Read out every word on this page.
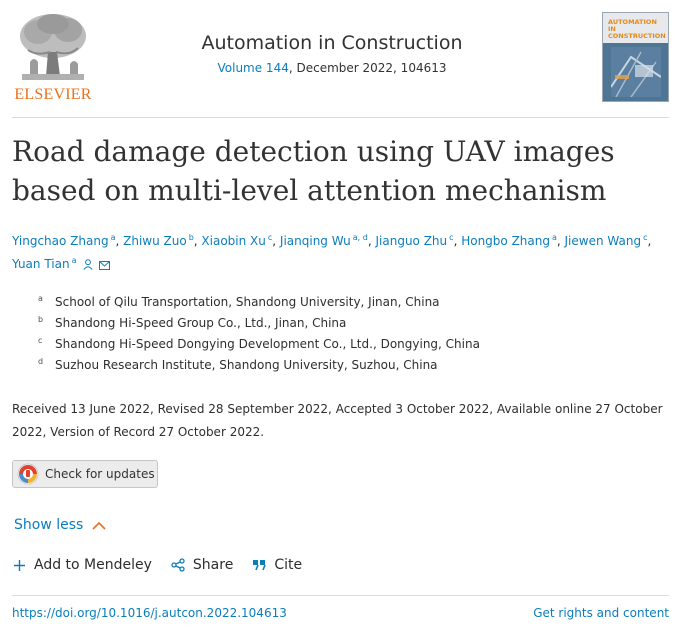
ELSEVIER
Automation in Construction
Volume 144, December 2022, 104613
AUTOMATION IN CONSTRUCTION
Road damage detection using UAV images based on multi-level attention mechanism
Yingchao Zhang $^a$, Zhiwu Zuo $^b$, Xiaobin Xu $^c$, Jianqing Wu $^{a, d}$, Jianguo Zhu $^c$, Hongbo Zhang $^a$, Jiewen Wang $^c$,
Yuan Tian $^a$
a School of Qilu Transportation, Shandong University, Jinan, China
b Shandong Hi-Speed Group Co., Ltd., Jinan, China
c Shandong Hi-Speed Dongying Development Co., Ltd., Dongying, China
d Suzhou Research Institute, Shandong University, Suzhou, China
Received 13 June 2022, Revised 28 September 2022, Accepted 3 October 2022, Available online 27 October 2022, Version of Record 27 October 2022.
Check for updates
Show less
Add to Mendeley	Share	Cite
https://doi.org/10.1016/j.autcon.2022.104613	Get rights and content
